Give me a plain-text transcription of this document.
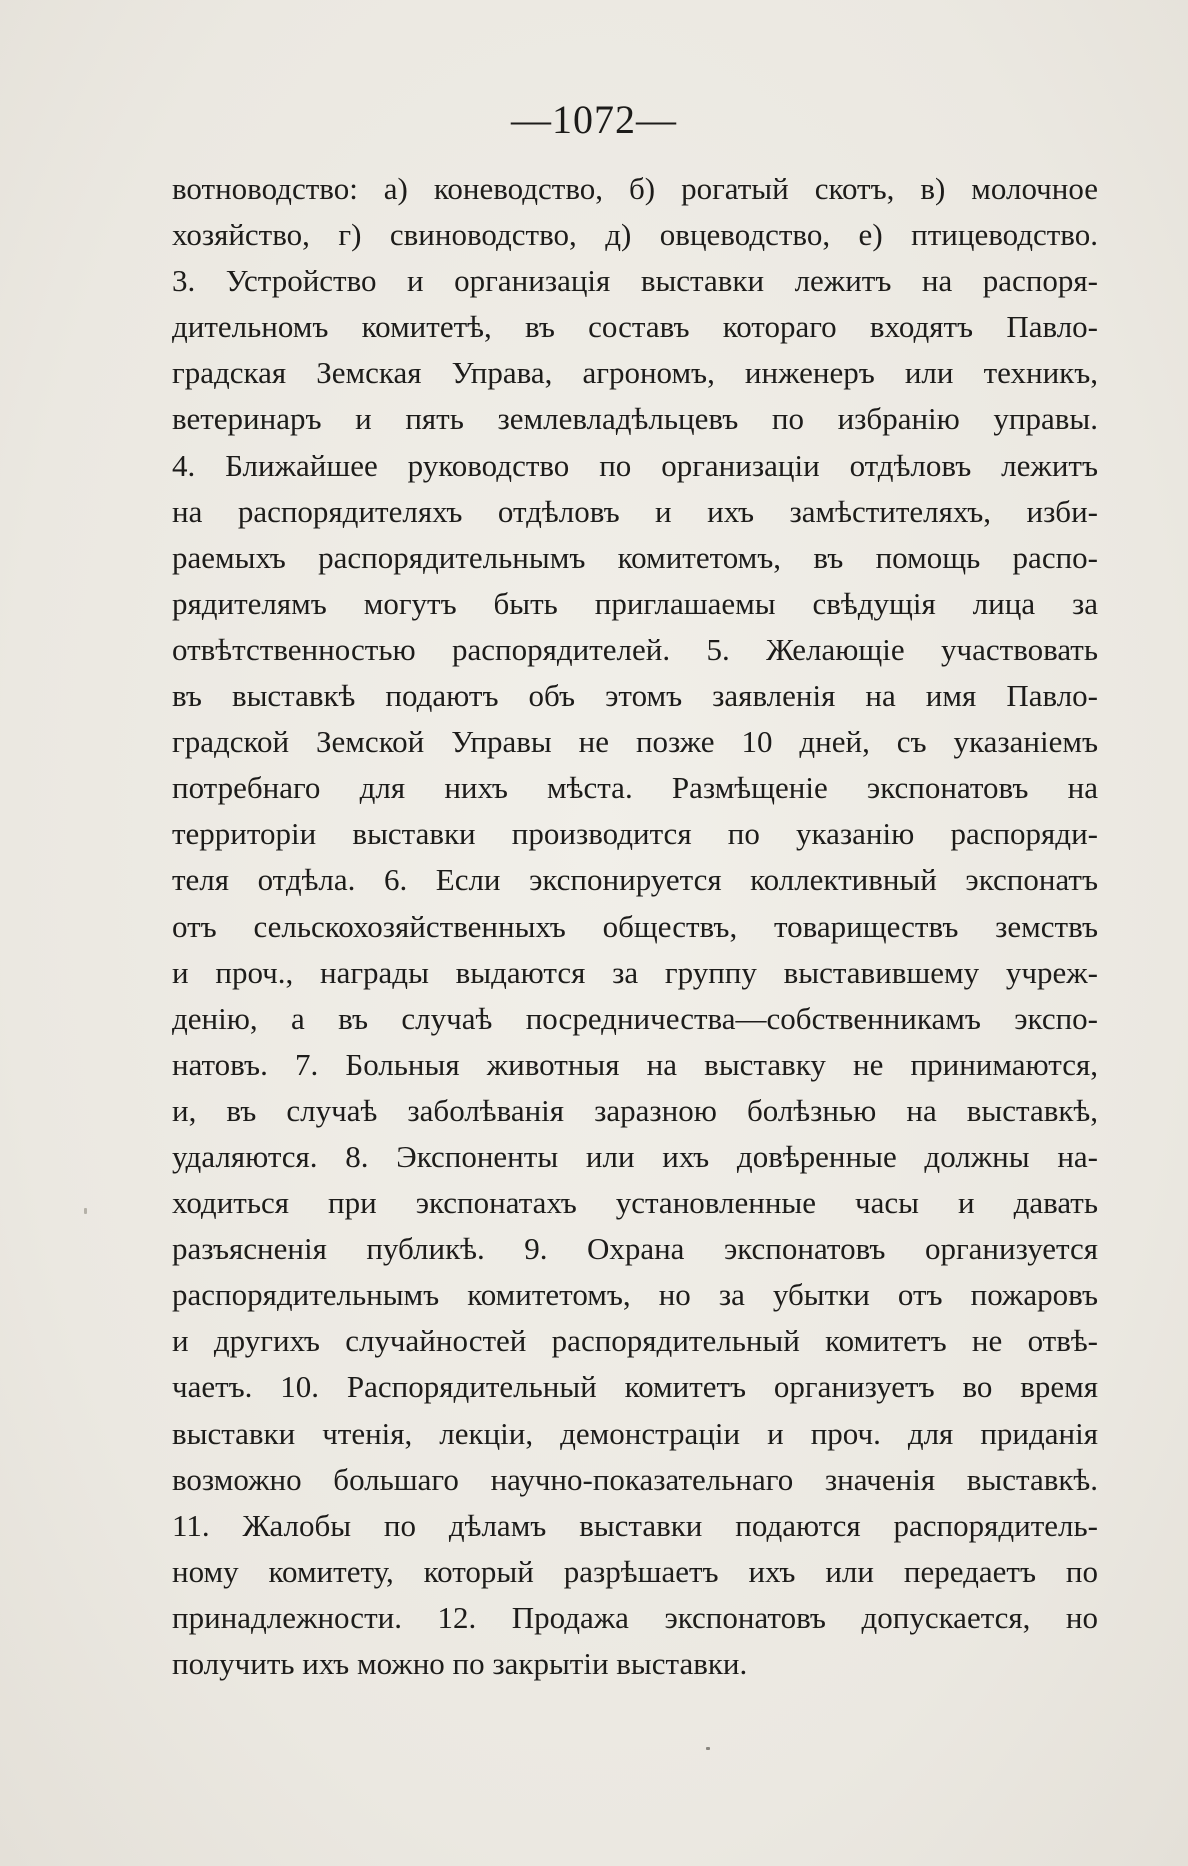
—1072—
вотноводство: а) коневодство, б) рогатый скотъ, в) молочное
хозяйство, г) свиноводство, д) овцеводство, е) птицеводство.
3. Устройство и организація выставки лежитъ на распоря-
дительномъ комитетѣ, въ составъ котораго входятъ Павло-
градская Земская Управа, агрономъ, инженеръ или техникъ,
ветеринаръ и пять землевладѣльцевъ по избранію управы.
4. Ближайшее руководство по организаціи отдѣловъ лежитъ
на распорядителяхъ отдѣловъ и ихъ замѣстителяхъ, изби-
раемыхъ распорядительнымъ комитетомъ, въ помощь распо-
рядителямъ могутъ быть приглашаемы свѣдущія лица за
отвѣтственностью распорядителей. 5. Желающіе участвовать
въ выставкѣ подаютъ объ этомъ заявленія на имя Павло-
градской Земской Управы не позже 10 дней, съ указаніемъ
потребнаго для нихъ мѣста. Размѣщеніе экспонатовъ на
территоріи выставки производится по указанію распоряди-
теля отдѣла. 6. Если экспонируется коллективный экспонатъ
отъ сельскохозяйственныхъ обществъ, товариществъ земствъ
и проч., награды выдаются за группу выставившему учреж-
денію, а въ случаѣ посредничества—собственникамъ экспо-
натовъ. 7. Больныя животныя на выставку не принимаются,
и, въ случаѣ заболѣванія заразною болѣзнью на выставкѣ,
удаляются. 8. Экспоненты или ихъ довѣренные должны на-
ходиться при экспонатахъ установленные часы и давать
разъясненія публикѣ. 9. Охрана экспонатовъ организуется
распорядительнымъ комитетомъ, но за убытки отъ пожаровъ
и другихъ случайностей распорядительный комитетъ не отвѣ-
чаетъ. 10. Распорядительный комитетъ организуетъ во время
выставки чтенія, лекціи, демонстраціи и проч. для приданія
возможно большаго научно-показательнаго значенія выставкѣ.
11. Жалобы по дѣламъ выставки подаются распорядитель-
ному комитету, который разрѣшаетъ ихъ или передаетъ по
принадлежности. 12. Продажа экспонатовъ допускается, но
получить ихъ можно по закрытіи выставки.
